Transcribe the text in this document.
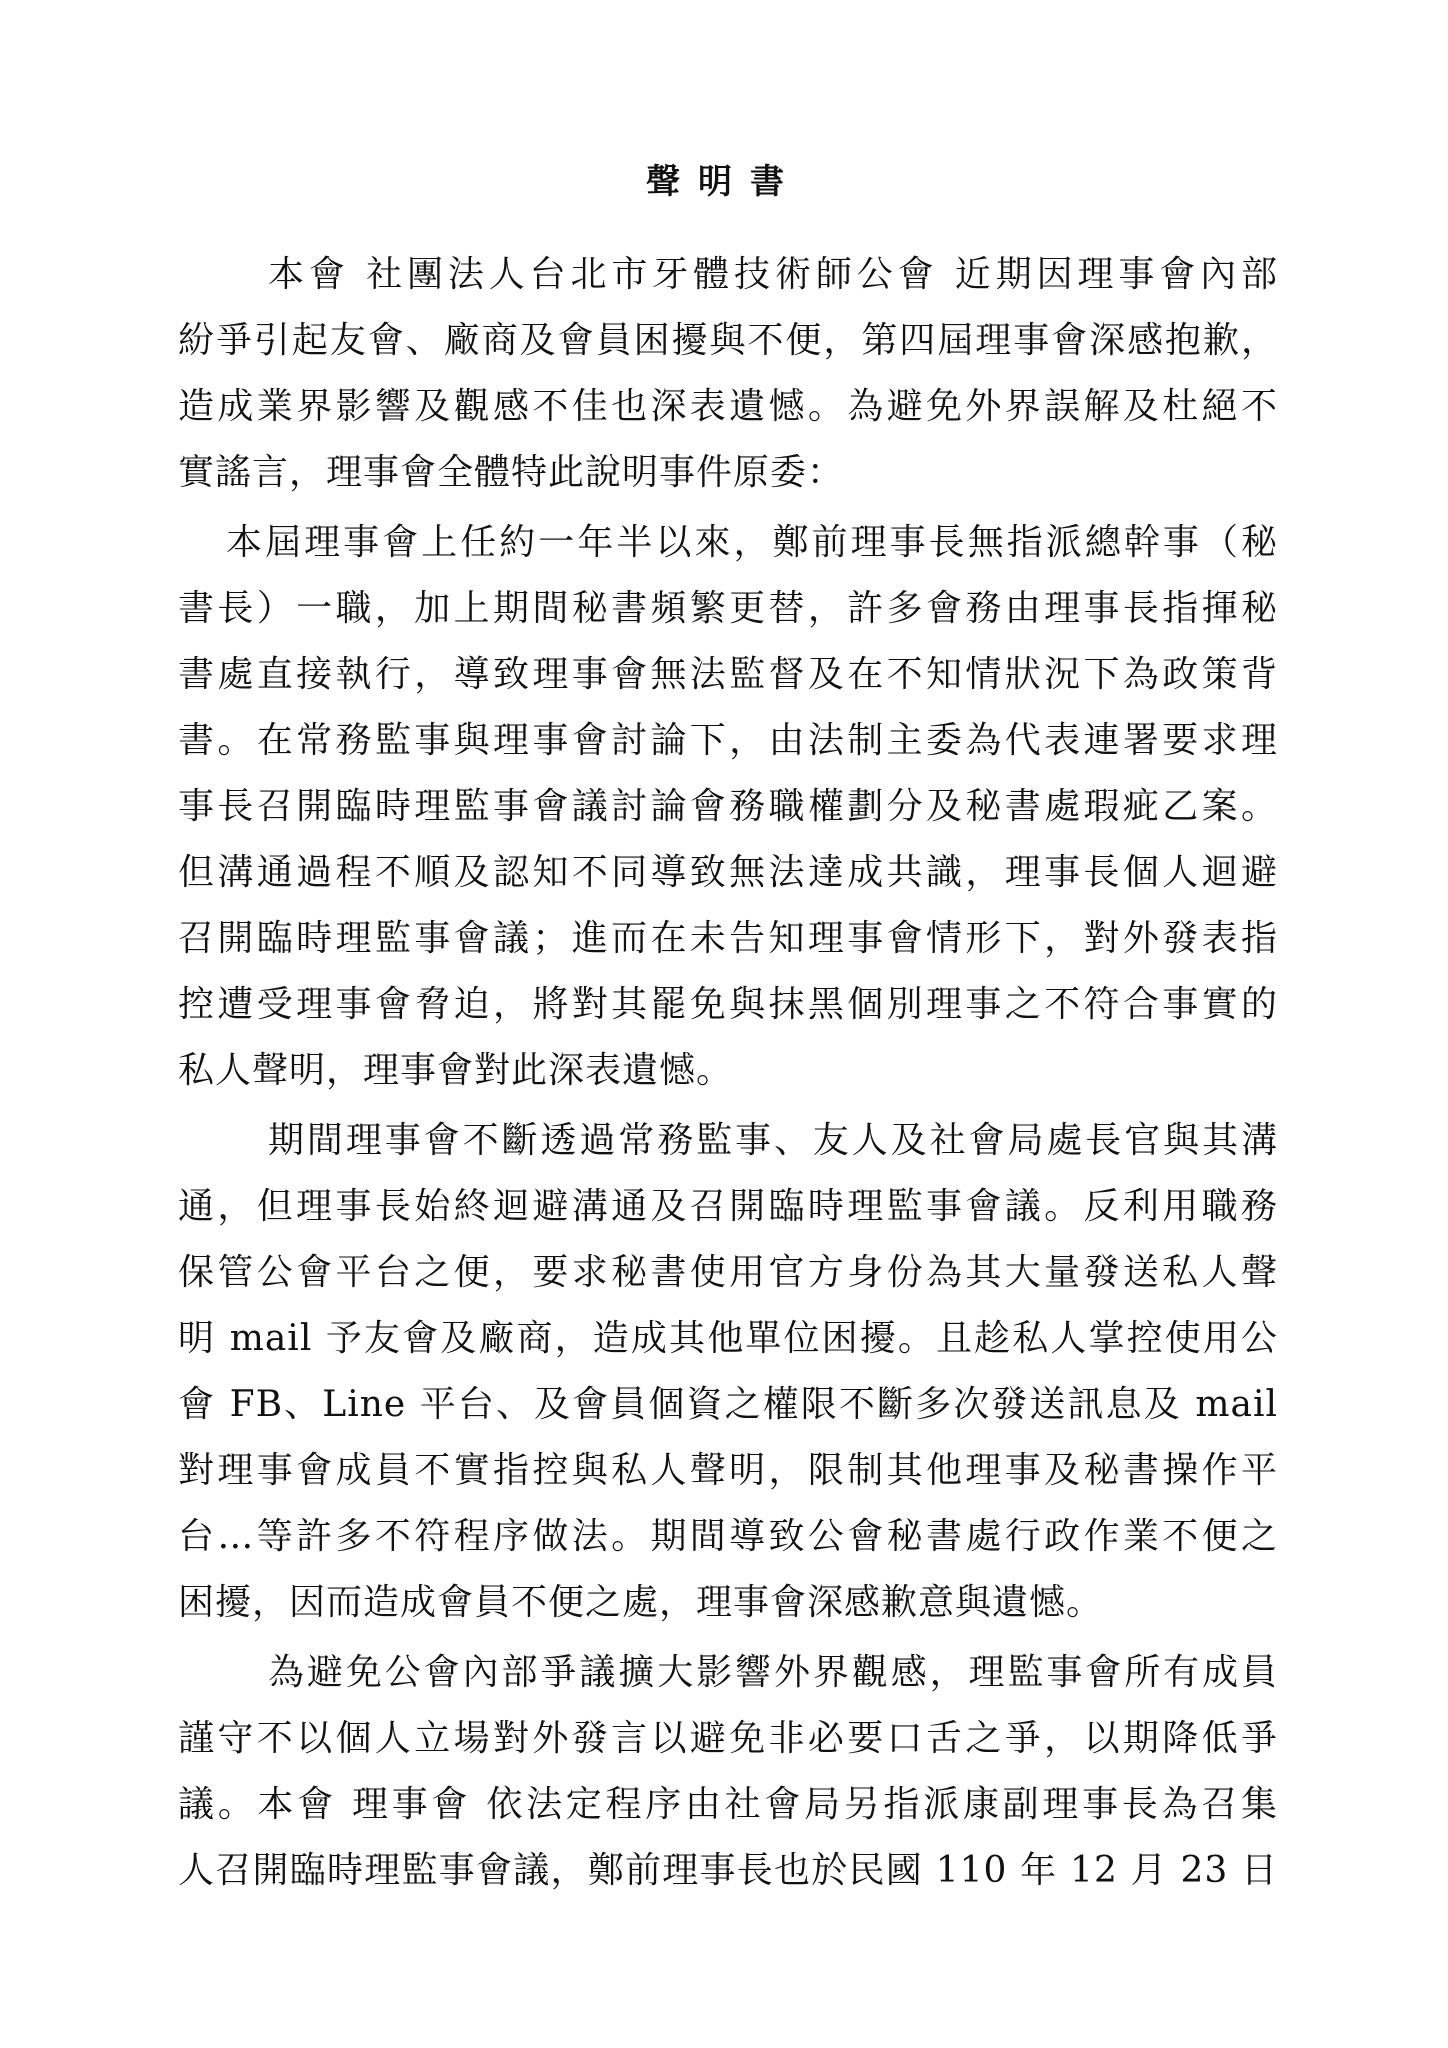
聲明書
本會 社團法人台北市牙體技術師公會 近期因理事會內部
紛爭引起友會、廠商及會員困擾與不便，第四屆理事會深感抱歉，
造成業界影響及觀感不佳也深表遺憾。為避免外界誤解及杜絕不
實謠言，理事會全體特此說明事件原委：
本屆理事會上任約一年半以來，鄭前理事長無指派總幹事（秘
書長）一職，加上期間秘書頻繁更替，許多會務由理事長指揮秘
書處直接執行，導致理事會無法監督及在不知情狀況下為政策背
書。在常務監事與理事會討論下，由法制主委為代表連署要求理
事長召開臨時理監事會議討論會務職權劃分及秘書處瑕疵乙案。
但溝通過程不順及認知不同導致無法達成共識，理事長個人迴避
召開臨時理監事會議；進而在未告知理事會情形下，對外發表指
控遭受理事會脅迫，將對其罷免與抹黑個別理事之不符合事實的
私人聲明，理事會對此深表遺憾。
期間理事會不斷透過常務監事、友人及社會局處長官與其溝
通，但理事長始終迴避溝通及召開臨時理監事會議。反利用職務
保管公會平台之便，要求秘書使用官方身份為其大量發送私人聲
明 mail 予友會及廠商，造成其他單位困擾。且趁私人掌控使用公
會 FB、Line 平台、及會員個資之權限不斷多次發送訊息及 mail
對理事會成員不實指控與私人聲明，限制其他理事及秘書操作平
台…等許多不符程序做法。期間導致公會秘書處行政作業不便之
困擾，因而造成會員不便之處，理事會深感歉意與遺憾。
為避免公會內部爭議擴大影響外界觀感，理監事會所有成員
謹守不以個人立場對外發言以避免非必要口舌之爭，以期降低爭
議。本會 理事會 依法定程序由社會局另指派康副理事長為召集
人召開臨時理監事會議，鄭前理事長也於民國 110 年 12 月 23 日
